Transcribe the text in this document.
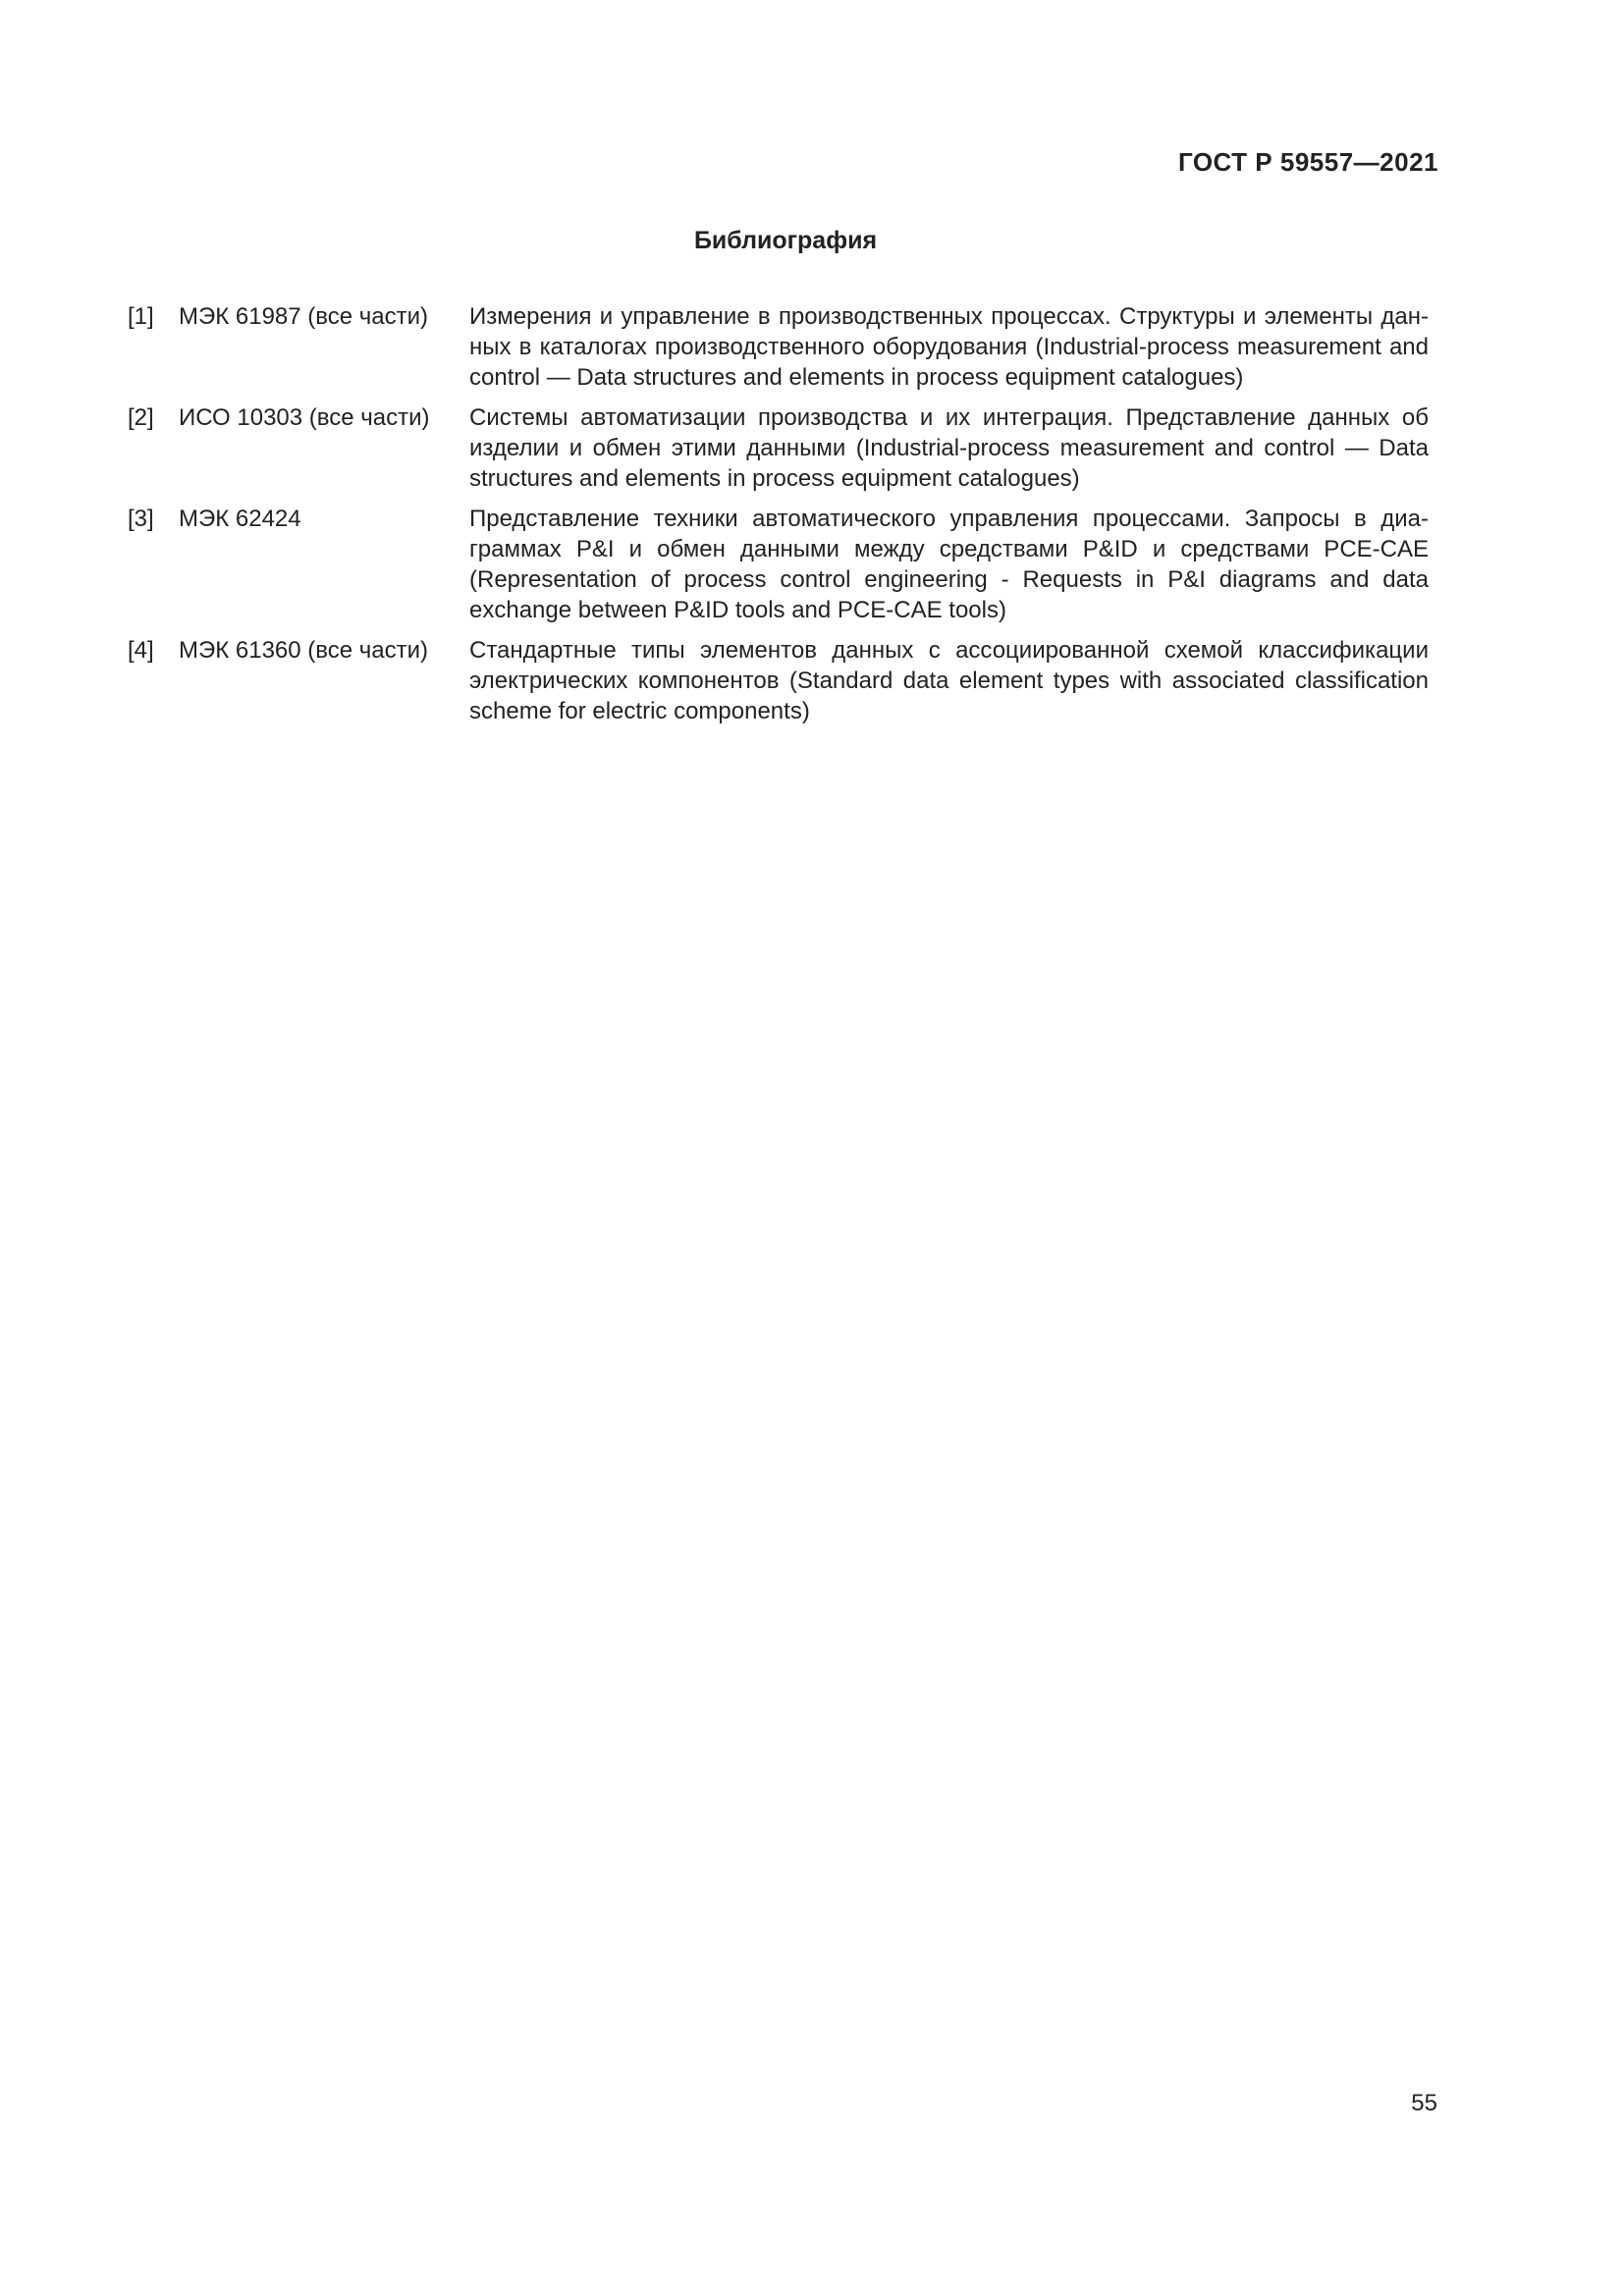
ГОСТ Р 59557—2021
Библиография
[1]	МЭК 61987 (все части)	Измерения и управление в производственных процессах. Структуры и элементы данных в каталогах производственного оборудования (Industrial-process measurement and control — Data structures and elements in process equipment catalogues)
[2]	ИСО 10303 (все части)	Системы автоматизации производства и их интеграция. Представление данных об изделии и обмен этими данными (Industrial-process measurement and control — Data structures and elements in process equipment catalogues)
[3]	МЭК 62424	Представление техники автоматического управления процессами. Запросы в диаграммах P&I и обмен данными между средствами P&ID и средствами PCE-CAE (Representation of process control engineering - Requests in P&I diagrams and data exchange between P&ID tools and PCE-CAE tools)
[4]	МЭК 61360 (все части)	Стандартные типы элементов данных с ассоциированной схемой классификации электрических компонентов (Standard data element types with associated classification scheme for electric components)
55
